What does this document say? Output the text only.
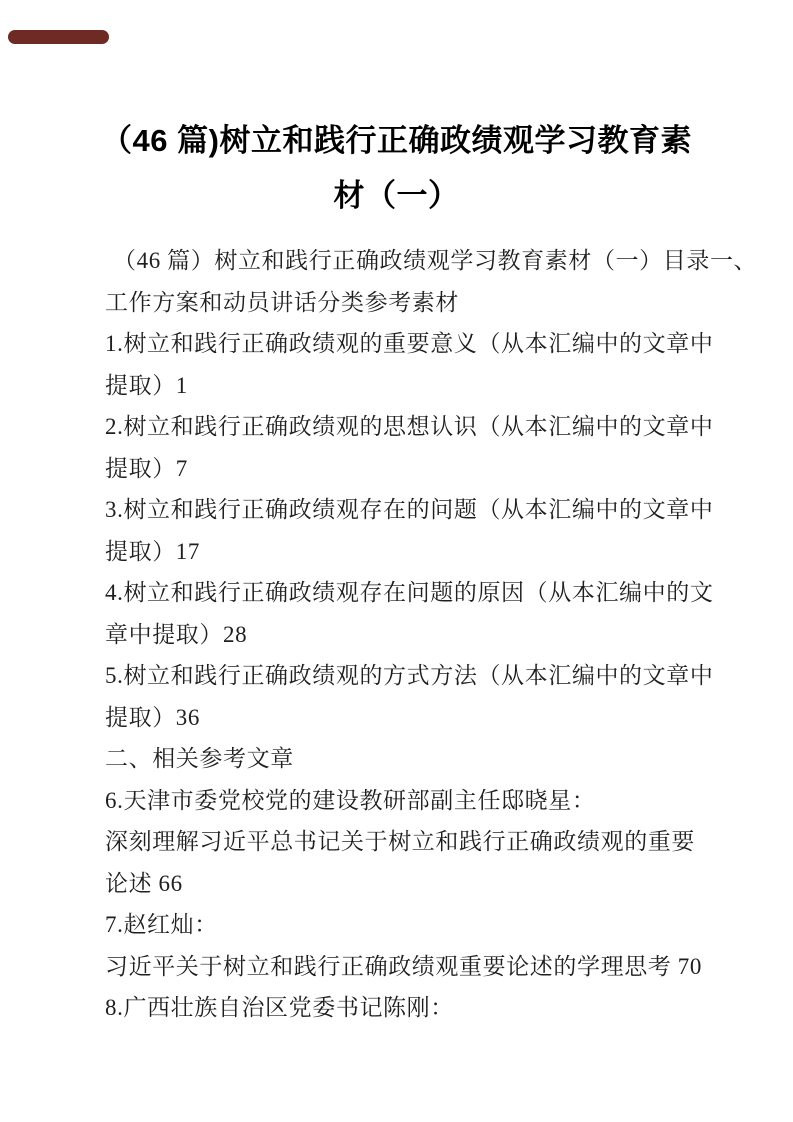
（46 篇)树立和践行正确政绩观学习教育素
材（一）
（46 篇）树立和践行正确政绩观学习教育素材（一）目录一、
工作方案和动员讲话分类参考素材
1.树立和践行正确政绩观的重要意义（从本汇编中的文章中
提取）1
2.树立和践行正确政绩观的思想认识（从本汇编中的文章中
提取）7
3.树立和践行正确政绩观存在的问题（从本汇编中的文章中
提取）17
4.树立和践行正确政绩观存在问题的原因（从本汇编中的文
章中提取）28
5.树立和践行正确政绩观的方式方法（从本汇编中的文章中
提取）36
二、相关参考文章
6.天津市委党校党的建设教研部副主任邸晓星：
深刻理解习近平总书记关于树立和践行正确政绩观的重要
论述 66
7.赵红灿：
习近平关于树立和践行正确政绩观重要论述的学理思考 70
8.广西壮族自治区党委书记陈刚：
